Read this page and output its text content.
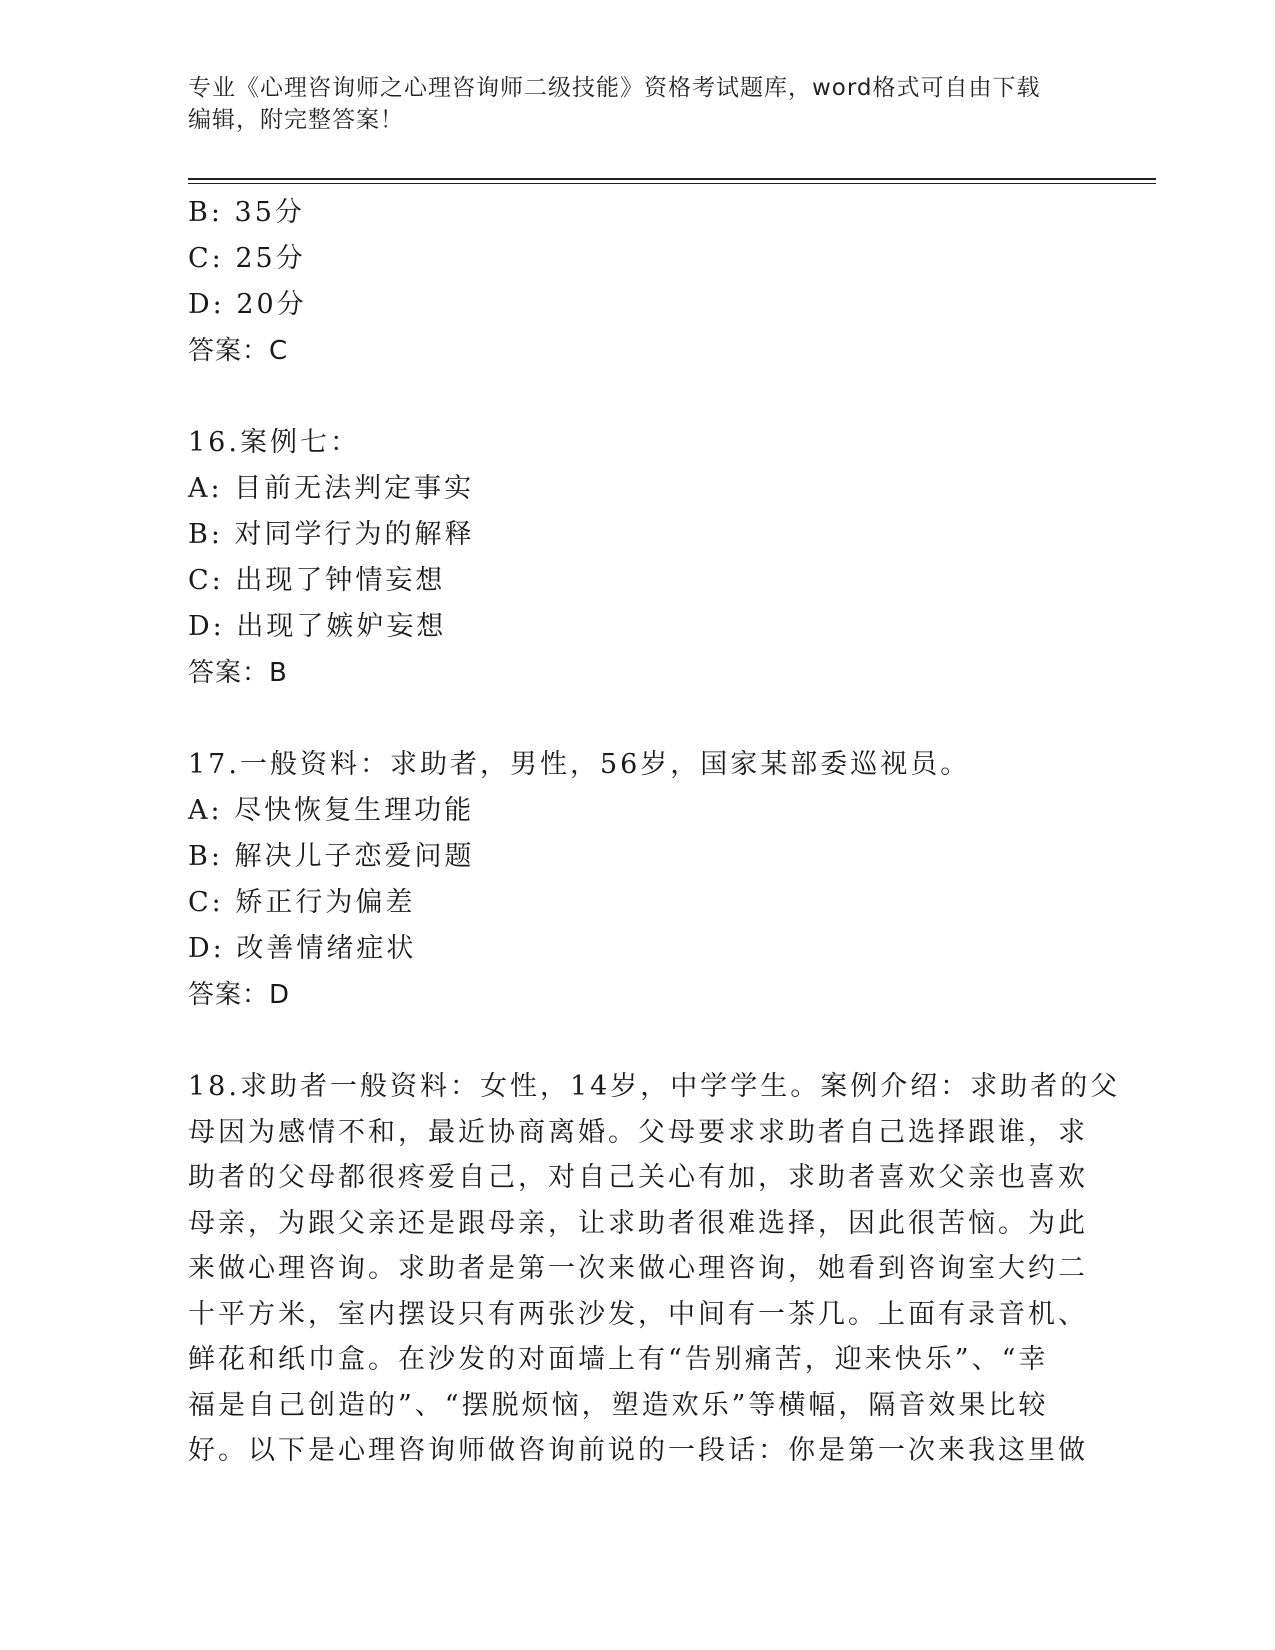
专业《心理咨询师之心理咨询师二级技能》资格考试题库，word格式可自由下载
编辑，附完整答案！
B: 35分
C: 25分
D: 20分
答案：C
16.案例七：
A: 目前无法判定事实
B: 对同学行为的解释
C: 出现了钟情妄想
D: 出现了嫉妒妄想
答案：B
17.一般资料：求助者，男性，56岁，国家某部委巡视员。
A: 尽快恢复生理功能
B: 解决儿子恋爱问题
C: 矫正行为偏差
D: 改善情绪症状
答案：D
18.求助者一般资料：女性，14岁，中学学生。案例介绍：求助者的父
母因为感情不和，最近协商离婚。父母要求求助者自己选择跟谁，求
助者的父母都很疼爱自己，对自己关心有加，求助者喜欢父亲也喜欢
母亲，为跟父亲还是跟母亲，让求助者很难选择，因此很苦恼。为此
来做心理咨询。求助者是第一次来做心理咨询，她看到咨询室大约二
十平方米，室内摆设只有两张沙发，中间有一茶几。上面有录音机、
鲜花和纸巾盒。在沙发的对面墙上有“告别痛苦，迎来快乐”、“幸
福是自己创造的”、“摆脱烦恼，塑造欢乐”等横幅，隔音效果比较
好。以下是心理咨询师做咨询前说的一段话：你是第一次来我这里做
